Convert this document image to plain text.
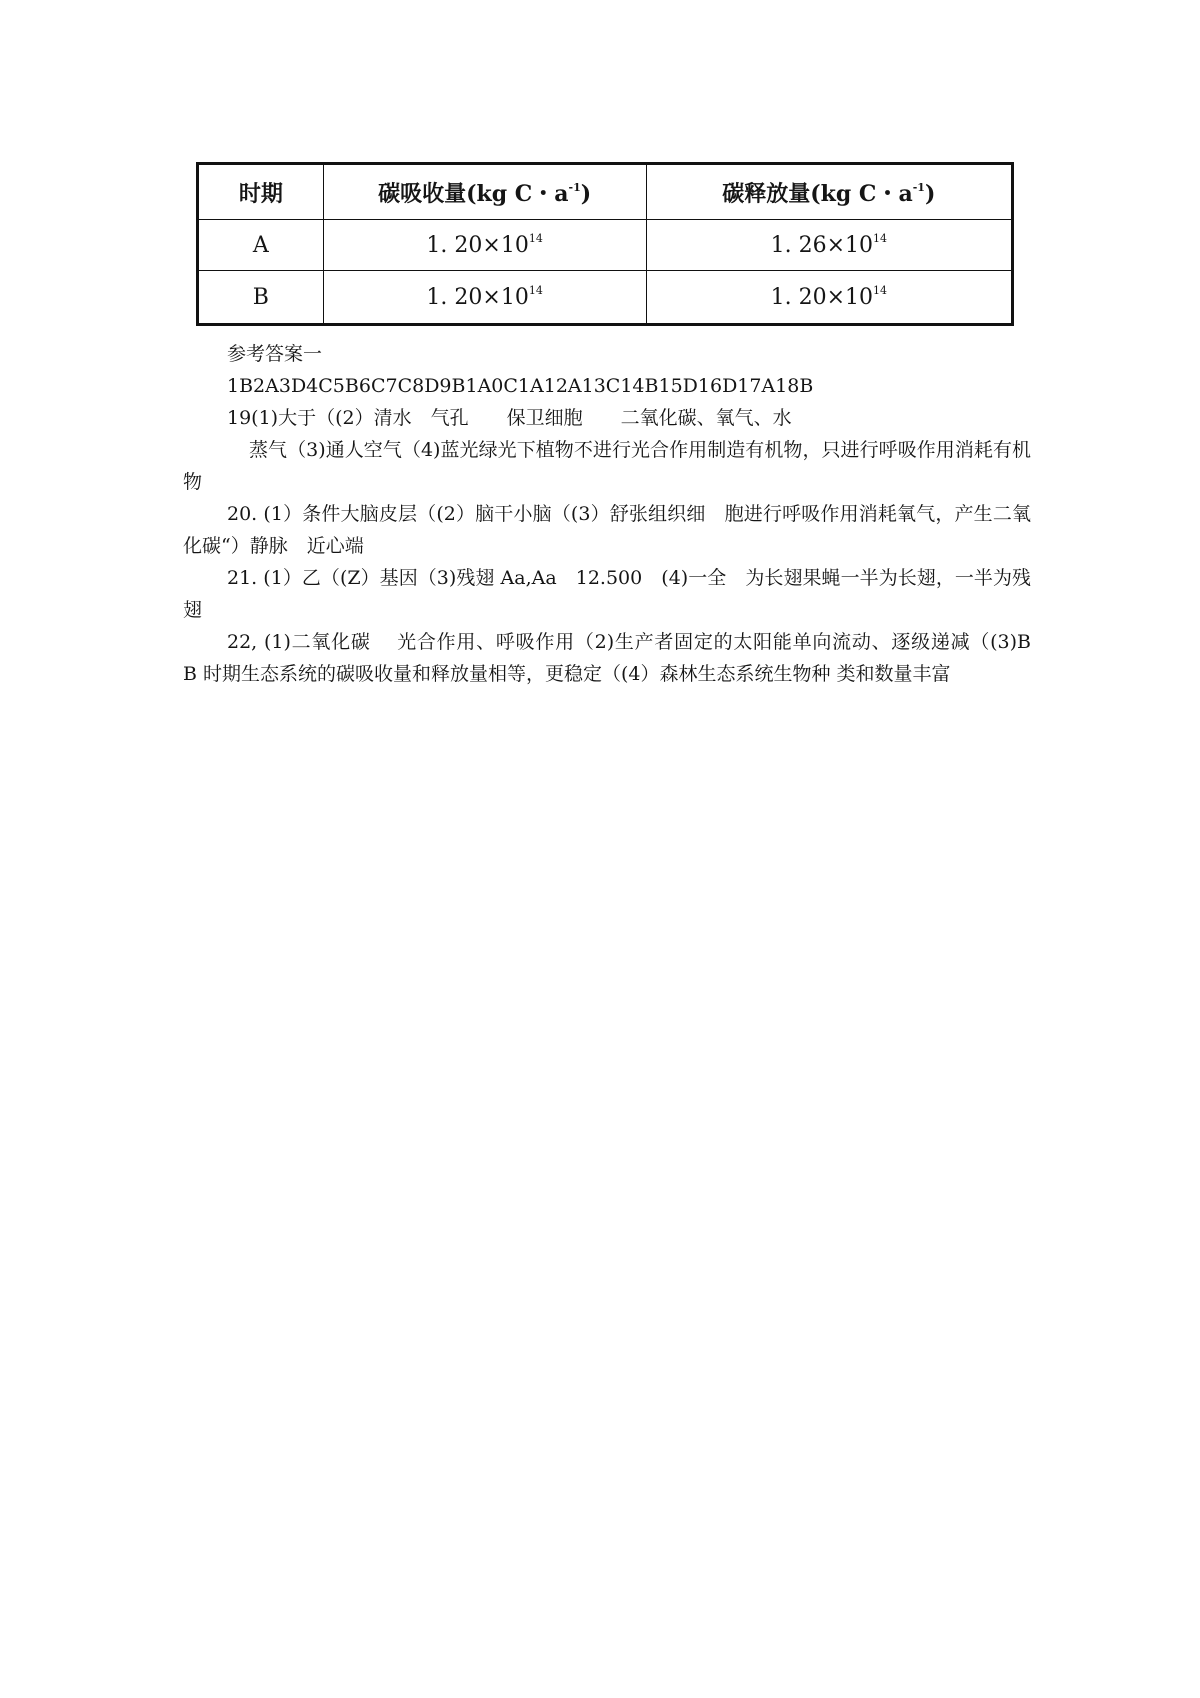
时期	碳吸收量(kg C・$a^{-1}$)	碳释放量(kg C・$a^{-1}$)
A	1. $20\times 10^{14}$	1. $26\times 10^{14}$
B	1. $20\times 10^{14}$	1. $20\times 10^{14}$

参考答案一

1B2A3D4C5B6C7C8D9B1A0C1A12A13C14B15D16D17A18B

19(1)大于（(2）清水　气孔　　保卫细胞　　二氧化碳、氧气、水

蒸气（3)通人空气（4)蓝光绿光下植物不进行光合作用制造有机物，只进行呼吸作用消耗有机物

20. (1）条件大脑皮层（(2）脑干小脑（(3）舒张组织细　胞进行呼吸作用消耗氧气，产生二氧化碳“）静脉　近心端

21. (1）乙（(Z）基因（3)残翅 Aa,Aa　12.500　(4)一全　为长翅果蝇一半为长翅，一半为残翅

22, (1)二氧化碳　 光合作用、呼吸作用（2)生产者固定的太阳能单向流动、逐级递减（(3)B　　B 时期生态系统的碳吸收量和释放量相等，更稳定（(4）森林生态系统生物种 类和数量丰富
